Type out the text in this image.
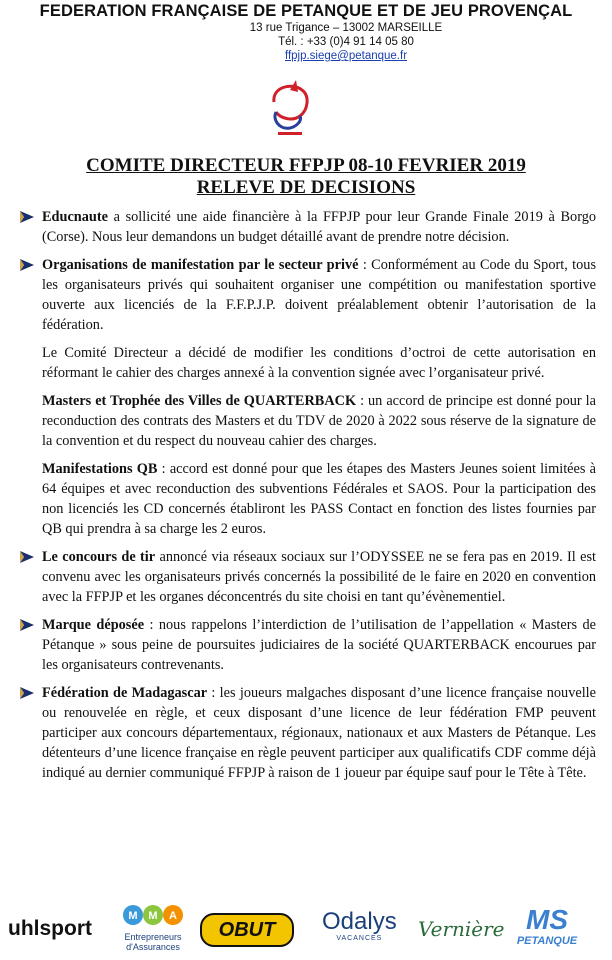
FEDERATION FRANÇAISE DE PETANQUE ET DE JEU PROVENÇAL
13 rue Trigance – 13002 MARSEILLE
Tél. : +33 (0)4 91 14 05 80
ffpjp.siege@petanque.fr
COMITE DIRECTEUR FFPJP 08-10 FEVRIER 2019
RELEVE DE DECISIONS
Educnaute a sollicité une aide financière à la FFPJP pour leur Grande Finale 2019 à Borgo (Corse). Nous leur demandons un budget détaillé avant de prendre notre décision.
Organisations de manifestation par le secteur privé : Conformément au Code du Sport, tous les organisateurs privés qui souhaitent organiser une compétition ou manifestation sportive ouverte aux licenciés de la F.F.P.J.P. doivent préalablement obtenir l’autorisation de la fédération.
Le Comité Directeur a décidé de modifier les conditions d’octroi de cette autorisation en réformant le cahier des charges annexé à la convention signée avec l’organisateur privé.
Masters et Trophée des Villes de QUARTERBACK : un accord de principe est donné pour la reconduction des contrats des Masters et du TDV de 2020 à 2022 sous réserve de la signature de la convention et du respect du nouveau cahier des charges.
Manifestations QB : accord est donné pour que les étapes des Masters Jeunes soient limitées à 64 équipes et avec reconduction des subventions Fédérales et SAOS. Pour la participation des non licenciés les CD concernés établiront les PASS Contact en fonction des listes fournies par QB qui prendra à sa charge les 2 euros.
Le concours de tir annoncé via réseaux sociaux sur l’ODYSSEE ne se fera pas en 2019. Il est convenu avec les organisateurs privés concernés la possibilité de le faire en 2020 en convention avec la FFPJP et les organes déconcentrés du site choisi en tant qu’évènementiel.
Marque déposée : nous rappelons l’interdiction de l’utilisation de l’appellation « Masters de Pétanque » sous peine de poursuites judiciaires de la société QUARTERBACK encourues par les organisateurs contrevenants.
Fédération de Madagascar : les joueurs malgaches disposant d’une licence française nouvelle ou renouvelée en règle, et ceux disposant d’une licence de leur fédération FMP peuvent participer aux concours départementaux, régionaux, nationaux et aux Masters de Pétanque. Les détenteurs d’une licence française en règle peuvent participer aux qualificatifs CDF comme déjà indiqué au dernier communiqué FFPJP à raison de 1 joueur par équipe sauf pour le Tête à Tête.
uhlsport
M M A
Entrepreneurs
d'Assurances
OBUT	Odalys
VACANCES	Vernière MS
PETANQUE
